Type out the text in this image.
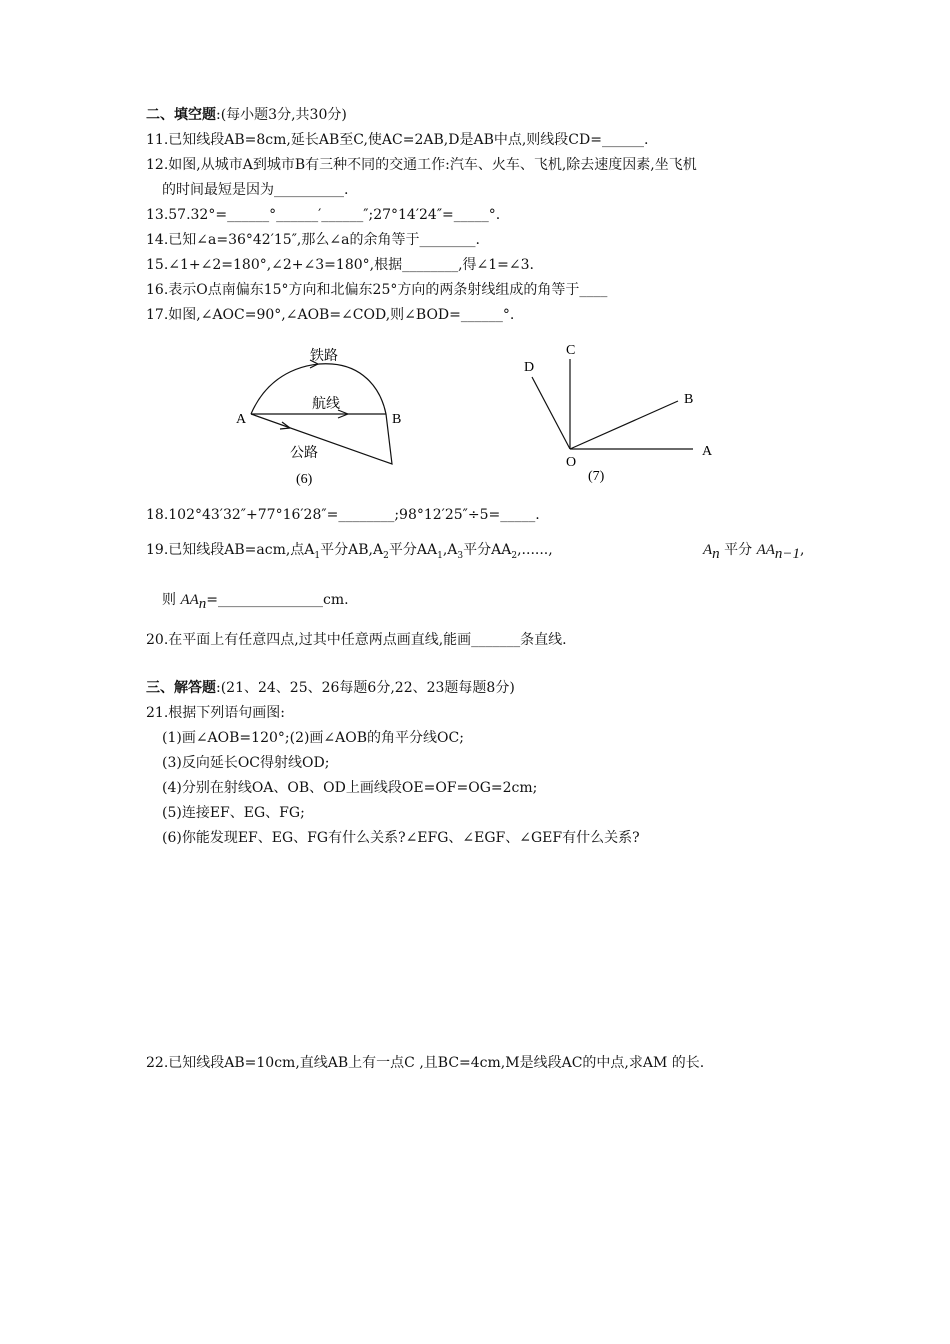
二、填空题:(每小题3分,共30分)
11.已知线段AB=8cm,延长AB至C,使AC=2AB,D是AB中点,则线段CD=______.
12.如图,从城市A到城市B有三种不同的交通工作:汽车、火车、飞机,除去速度因素,坐飞机
的时间最短是因为__________.
13.57.32°=______°______′______″;27°14′24″=_____°.
14.已知∠a=36°42′15″,那么∠a的余角等于________.
15.∠1+∠2=180°,∠2+∠3=180°,根据________,得∠1=∠3.
16.表示O点南偏东15°方向和北偏东25°方向的两条射线组成的角等于____
17.如图,∠AOC=90°,∠AOB=∠COD,则∠BOD=______°.
铁路
航线
公路
A	B
(6)
C
D
B
A
O
(7)
18.102°43′32″+77°16′28″=________;98°12′25″÷5=_____.
19.已知线段AB=acm,点$A_1$平分$AB,A_2$平分$AA_1,A_3$平分$AA_2$,......,	$A_n$ 平分 $AA_{n-1}$,
则 $AA_n=\_\_\_\_\_\_\_\_\_\_\_\_\_\_\_cm$.
20.在平面上有任意四点,过其中任意两点画直线,能画_______条直线.
三、解答题:(21、24、25、26每题6分,22、23题每题8分)
21.根据下列语句画图:
(1)画∠AOB=120°;(2)画∠AOB的角平分线OC;
(3)反向延长OC得射线OD;
(4)分别在射线OA、OB、OD上画线段OE=OF=OG=2cm;
(5)连接EF、EG、FG;
(6)你能发现EF、EG、FG有什么关系?∠EFG、∠EGF、∠GEF有什么关系?
22.已知线段AB=10cm,直线AB上有一点C ,且BC=4cm,M是线段AC的中点,求AM 的长.
